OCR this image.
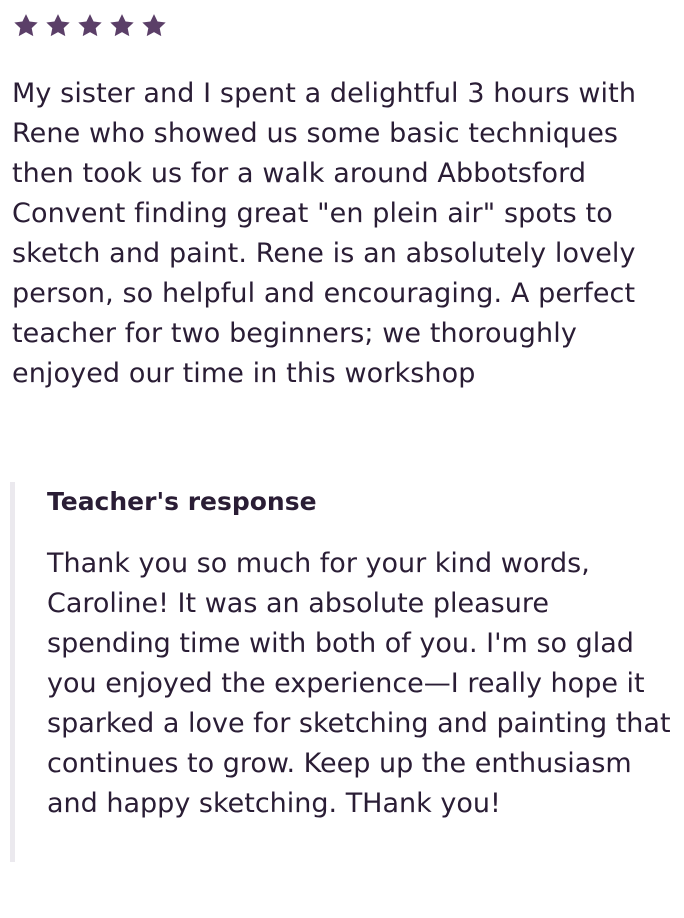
My sister and I spent a delightful 3 hours with Rene who showed us some basic techniques then took us for a walk around Abbotsford Convent finding great "en plein air" spots to sketch and paint. Rene is an absolutely lovely person, so helpful and encouraging. A perfect teacher for two beginners; we thoroughly enjoyed our time in this workshop

Teacher's response

Thank you so much for your kind words, Caroline! It was an absolute pleasure spending time with both of you. I'm so glad you enjoyed the experience—I really hope it sparked a love for sketching and painting that continues to grow. Keep up the enthusiasm and happy sketching. THank you!
